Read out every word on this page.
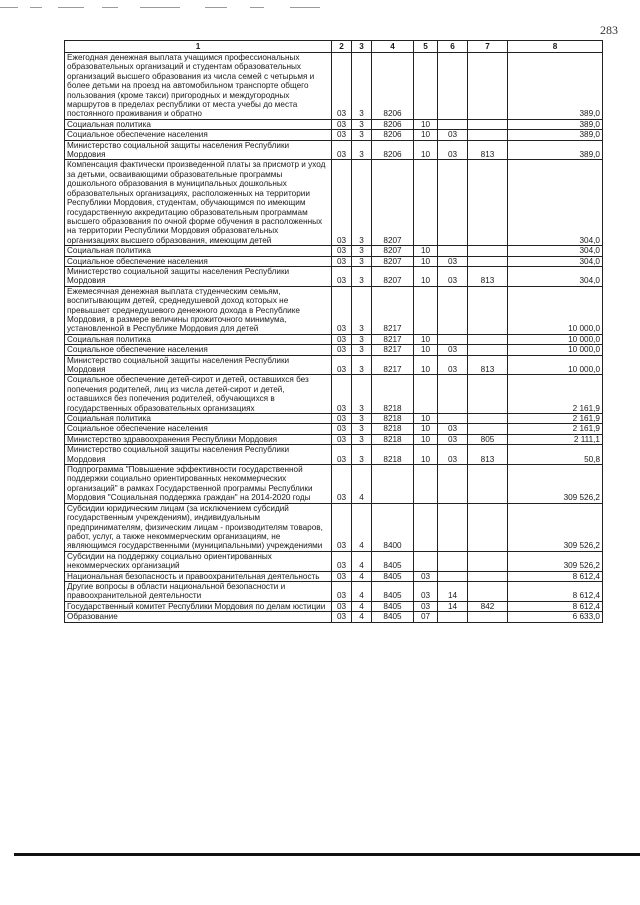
283
1	2	3	4	5	6	7	8
Ежегодная денежная выплата учащимся профессиональных образовательных организаций и студентам образовательных организаций высшего образования из числа семей с четырьмя и более детьми на проезд на автомобильном транспорте общего пользования (кроме такси) пригородных и междугородных маршрутов в пределах республики от места учебы до места постоянного проживания и обратно	03	3	8206				389,0
Социальная политика	03	3	8206	10			389,0
Социальное обеспечение населения	03	3	8206	10	03		389,0
Министерство социальной защиты населения Республики Мордовия	03	3	8206	10	03	813	389,0
Компенсация фактически произведенной платы за присмотр и уход за детьми, осваивающими образовательные программы дошкольного образования в муниципальных дошкольных образовательных организациях, расположенных на территории Республики Мордовия, студентам, обучающимся по имеющим государственную аккредитацию образовательным программам высшего образования по очной форме обучения в расположенных на территории Республики Мордовия образовательных организациях высшего образования, имеющим детей	03	3	8207				304,0
Социальная политика	03	3	8207	10			304,0
Социальное обеспечение населения	03	3	8207	10	03		304,0
Министерство социальной защиты населения Республики Мордовия	03	3	8207	10	03	813	304,0
Ежемесячная денежная выплата студенческим семьям, воспитывающим детей, среднедушевой доход которых не превышает среднедушевого денежного дохода в Республике Мордовия, в размере величины прожиточного минимума, установленной в Республике Мордовия для детей	03	3	8217				10 000,0
Социальная политика	03	3	8217	10			10 000,0
Социальное обеспечение населения	03	3	8217	10	03		10 000,0
Министерство социальной защиты населения Республики Мордовия	03	3	8217	10	03	813	10 000,0
Социальное обеспечение детей-сирот и детей, оставшихся без попечения родителей, лиц из числа детей-сирот и детей, оставшихся без попечения родителей, обучающихся в государственных образовательных организациях	03	3	8218				2 161,9
Социальная политика	03	3	8218	10			2 161,9
Социальное обеспечение населения	03	3	8218	10	03		2 161,9
Министерство здравоохранения Республики Мордовия	03	3	8218	10	03	805	2 111,1
Министерство социальной защиты населения Республики Мордовия	03	3	8218	10	03	813	50,8
Подпрограмма "Повышение эффективности государственной поддержки социально ориентированных некоммерческих организаций" в рамках Государственной программы Республики Мордовия "Социальная поддержка граждан" на 2014-2020 годы	03	4					309 526,2
Субсидии юридическим лицам (за исключением субсидий государственным учреждениям), индивидуальным предпринимателям, физическим лицам - производителям товаров, работ, услуг, а также некоммерческим организациям, не являющимся государственными (муниципальными) учреждениями	03	4	8400				309 526,2
Субсидии на поддержку социально ориентированных некоммерческих организаций	03	4	8405				309 526,2
Национальная безопасность и правоохранительная деятельность	03	4	8405	03			8 612,4
Другие вопросы в области национальной безопасности и правоохранительной деятельности	03	4	8405	03	14		8 612,4
Государственный комитет Республики Мордовия по делам юстиции	03	4	8405	03	14	842	8 612,4
Образование	03	4	8405	07			6 633,0
